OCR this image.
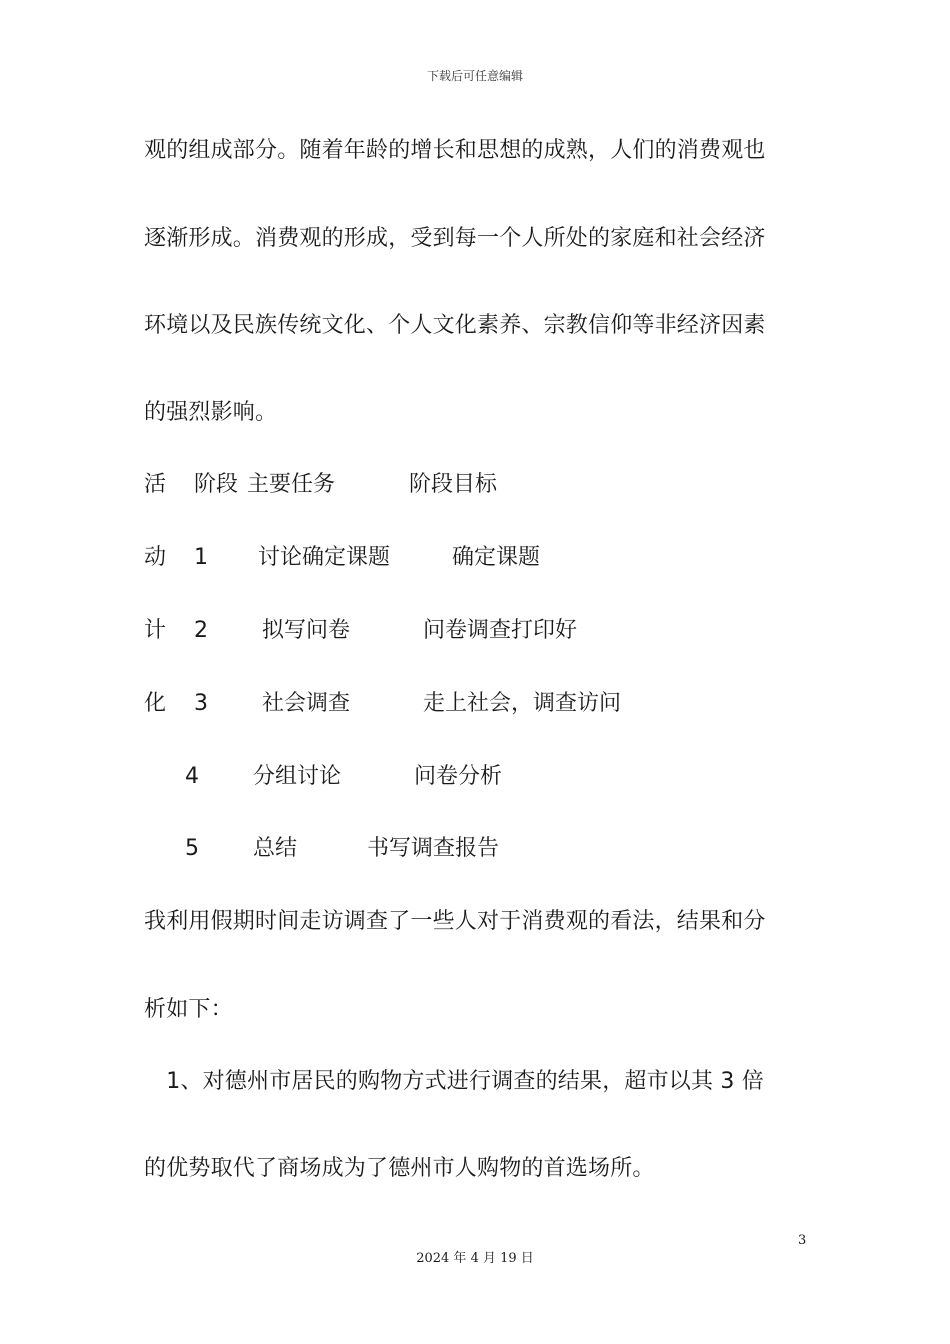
下载后可任意编辑
观的组成部分。随着年龄的增长和思想的成熟，人们的消费观也
逐渐形成。消费观的形成，受到每一个人所处的家庭和社会经济
环境以及民族传统文化、个人文化素养、宗教信仰等非经济因素
的强烈影响。
活 阶段 主要任务	阶段目标
动 1 讨论确定课题	确定课题
计 2 拟写问卷	问卷调查打印好
化 3 社会调查	走上社会，调查访问
4 分组讨论	问卷分析
5 总结	书写调查报告
我利用假期时间走访调查了一些人对于消费观的看法，结果和分
析如下：
　1、对德州市居民的购物方式进行调查的结果，超市以其 3 倍
的优势取代了商场成为了德州市人购物的首选场所。
3
2024 年 4 月 19 日
